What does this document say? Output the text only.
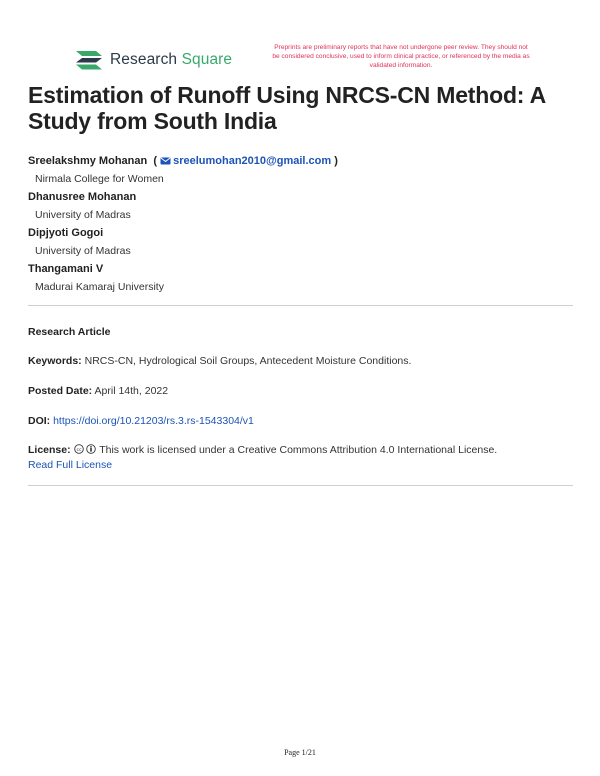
Research Square
Preprints are preliminary reports that have not undergone peer review. They should not be considered conclusive, used to inform clinical practice, or referenced by the media as validated information.
Estimation of Runoff Using NRCS-CN Method: A Study from South India
Sreelakshmy Mohanan ( sreelumohan2010@gmail.com )
Nirmala College for Women
Dhanusree Mohanan
University of Madras
Dipjyoti Gogoi
University of Madras
Thangamani V
Madurai Kamaraj University
Research Article
Keywords: NRCS-CN, Hydrological Soil Groups, Antecedent Moisture Conditions.
Posted Date: April 14th, 2022
DOI: https://doi.org/10.21203/rs.3.rs-1543304/v1
License: cc This work is licensed under a Creative Commons Attribution 4.0 International License.
Read Full License
Page 1/21
